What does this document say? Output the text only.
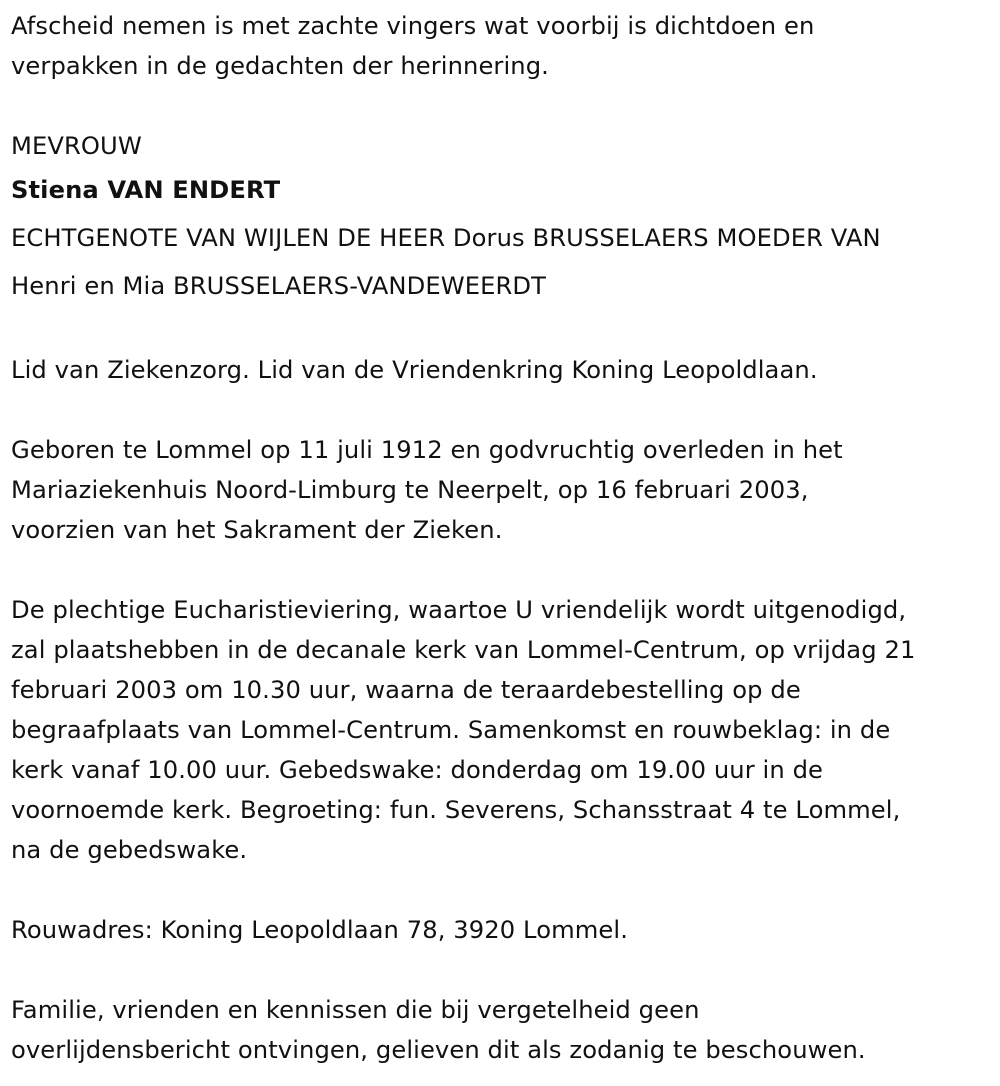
Afscheid nemen is met zachte vingers wat voorbij is dichtdoen en
verpakken in de gedachten der herinnering.
MEVROUW
Stiena VAN ENDERT
ECHTGENOTE VAN WIJLEN DE HEER Dorus BRUSSELAERS MOEDER VAN
Henri en Mia BRUSSELAERS-VANDEWEERDT
Lid van Ziekenzorg. Lid van de Vriendenkring Koning Leopoldlaan.
Geboren te Lommel op 11 juli 1912 en godvruchtig overleden in het
Mariaziekenhuis Noord-Limburg te Neerpelt, op 16 februari 2003,
voorzien van het Sakrament der Zieken.
De plechtige Eucharistieviering, waartoe U vriendelijk wordt uitgenodigd,
zal plaatshebben in de decanale kerk van Lommel-Centrum, op vrijdag 21
februari 2003 om 10.30 uur, waarna de teraardebestelling op de
begraafplaats van Lommel-Centrum. Samenkomst en rouwbeklag: in de
kerk vanaf 10.00 uur. Gebedswake: donderdag om 19.00 uur in de
voornoemde kerk. Begroeting: fun. Severens, Schansstraat 4 te Lommel,
na de gebedswake.
Rouwadres: Koning Leopoldlaan 78, 3920 Lommel.
Familie, vrienden en kennissen die bij vergetelheid geen
overlijdensbericht ontvingen, gelieven dit als zodanig te beschouwen.
